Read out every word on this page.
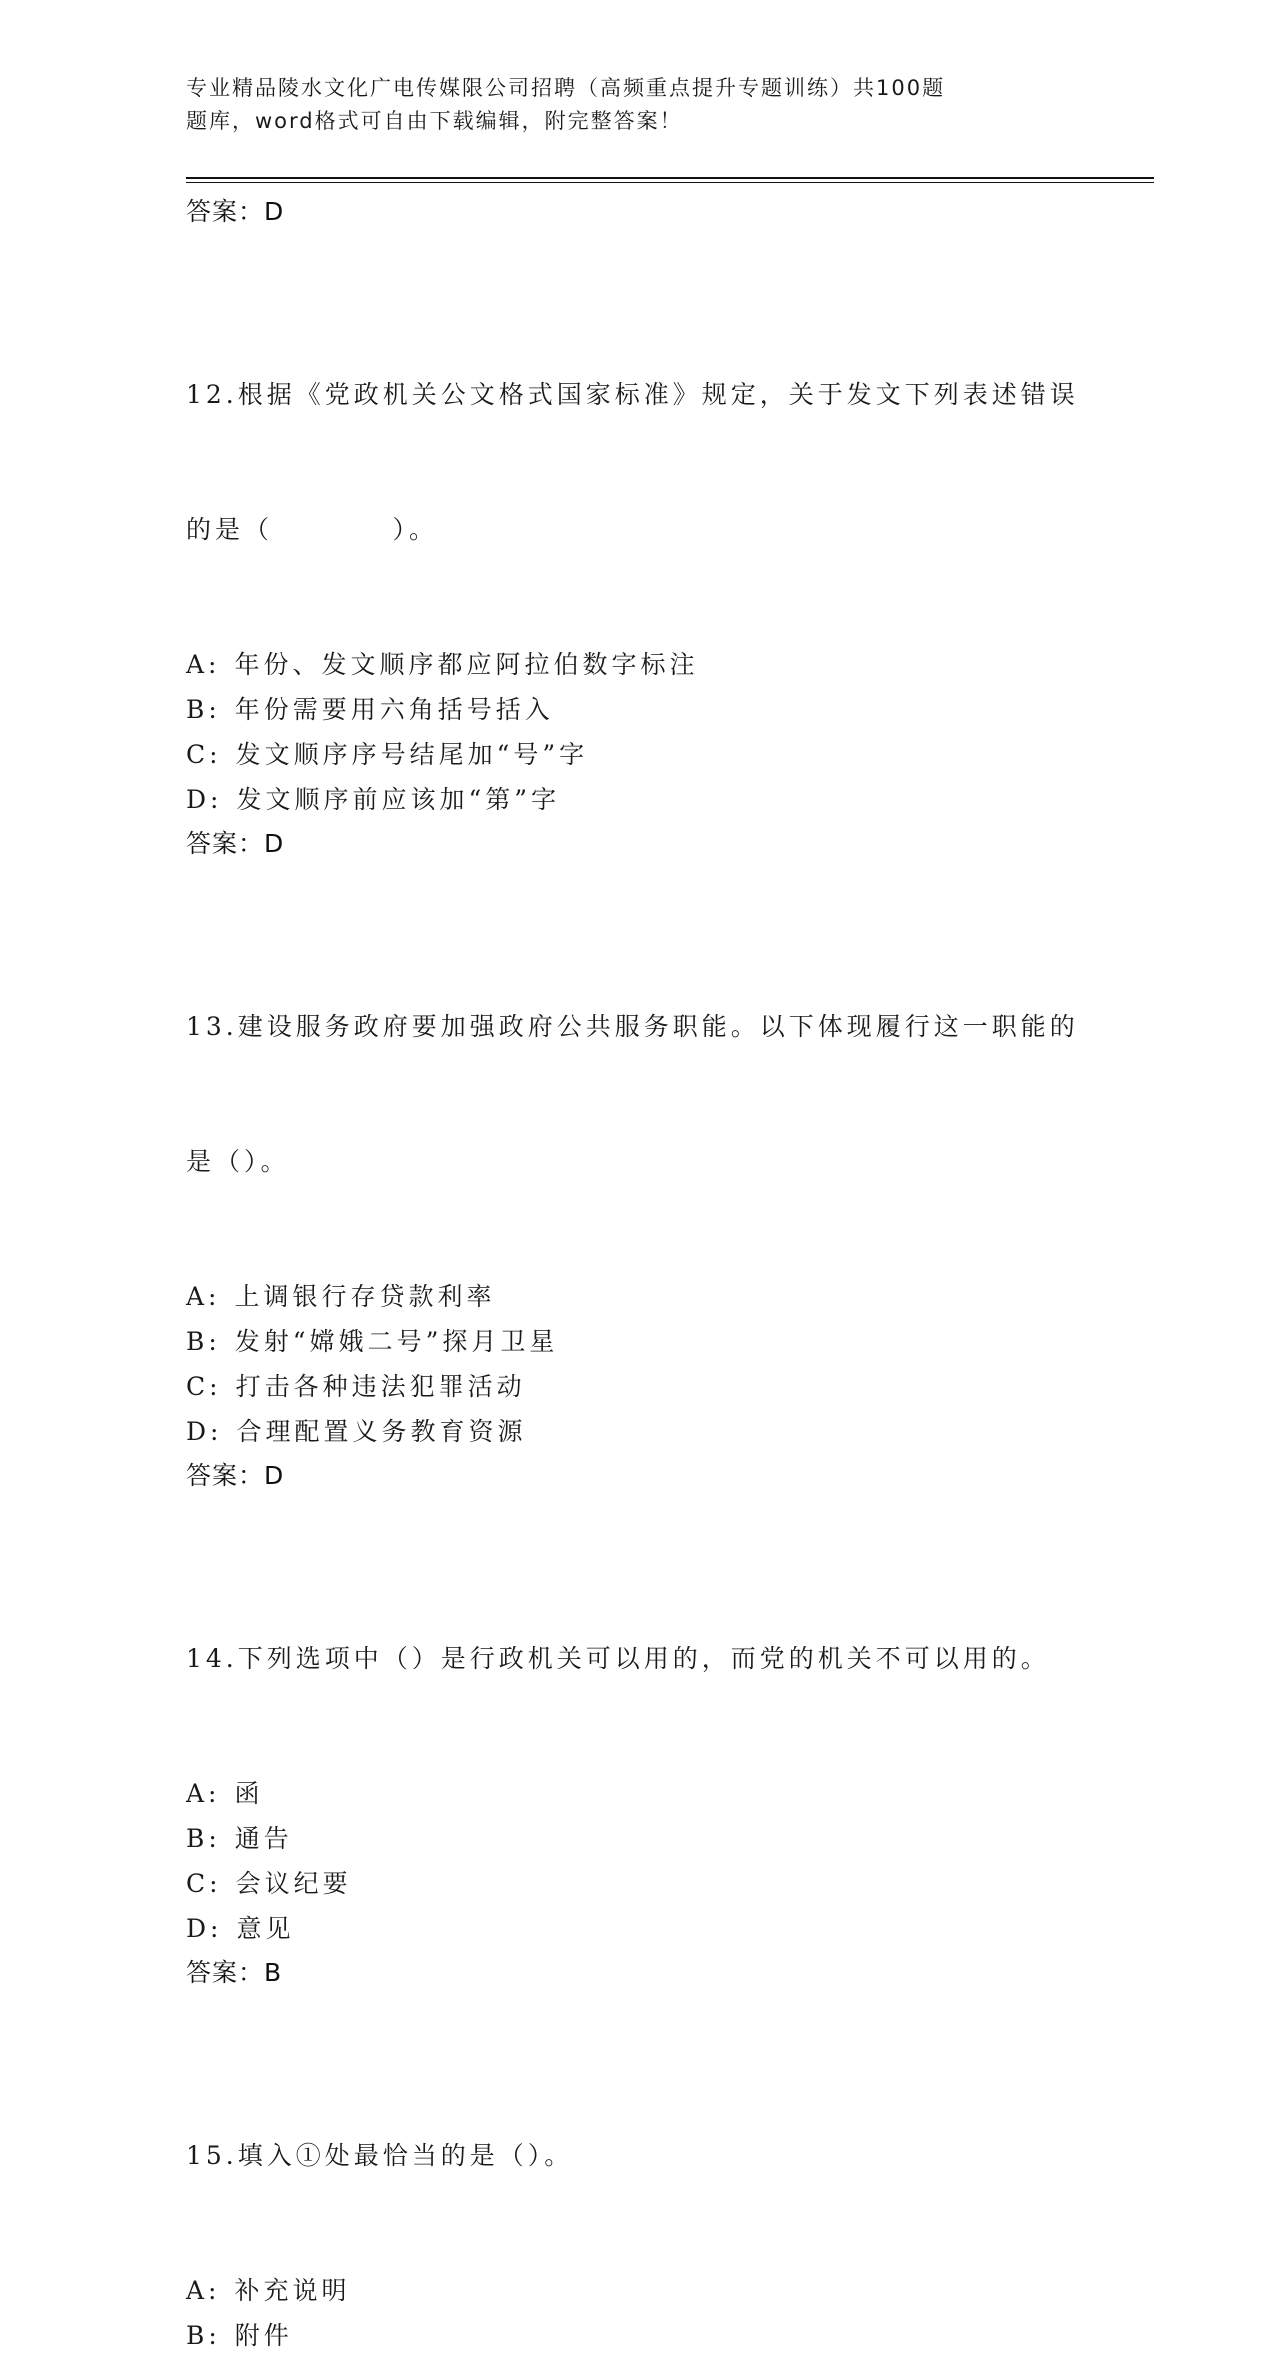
专业精品陵水文化广电传媒限公司招聘（高频重点提升专题训练）共100题
题库，word格式可自由下载编辑，附完整答案！
答案：D

12.根据《党政机关公文格式国家标准》规定，关于发文下列表述错误

的是（          ）。

A: 年份、发文顺序都应阿拉伯数字标注
B: 年份需要用六角括号括入
C: 发文顺序序号结尾加“号”字
D: 发文顺序前应该加“第”字
答案：D

13.建设服务政府要加强政府公共服务职能。以下体现履行这一职能的

是（）。

A: 上调银行存贷款利率
B: 发射“嫦娥二号”探月卫星
C: 打击各种违法犯罪活动
D: 合理配置义务教育资源
答案：D

14.下列选项中（）是行政机关可以用的，而党的机关不可以用的。

A: 函
B: 通告
C: 会议纪要
D: 意见
答案：B

15.填入①处最恰当的是（）。

A: 补充说明
B: 附件
